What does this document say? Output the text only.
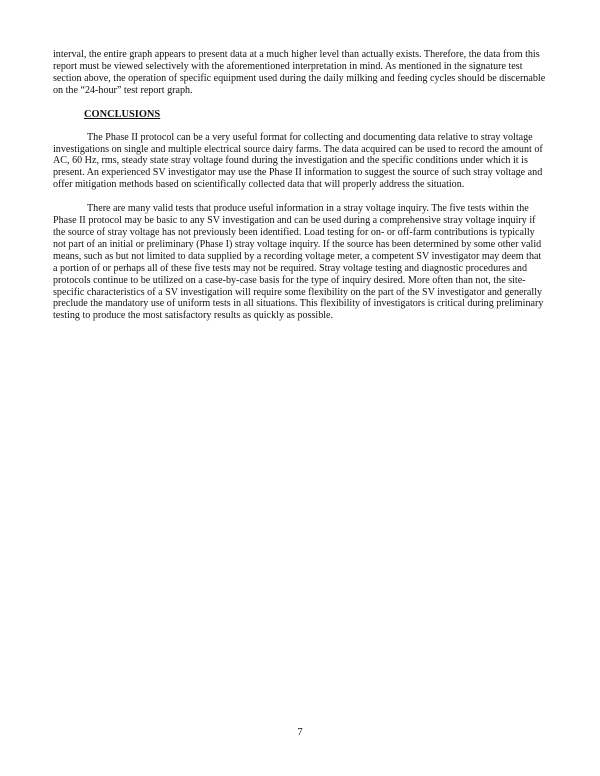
interval, the entire graph appears to present data at a much higher level than actually exists. Therefore, the data from this report must be viewed selectively with the aforementioned interpretation in mind. As mentioned in the signature test section above, the operation of specific equipment used during the daily milking and feeding cycles should be discernable on the “24-hour” test report graph.

CONCLUSIONS

The Phase II protocol can be a very useful format for collecting and documenting data relative to stray voltage investigations on single and multiple electrical source dairy farms. The data acquired can be used to record the amount of AC, 60 Hz, rms, steady state stray voltage found during the investigation and the specific conditions under which it is present. An experienced SV investigator may use the Phase II information to suggest the source of such stray voltage and offer mitigation methods based on scientifically collected data that will properly address the situation.

There are many valid tests that produce useful information in a stray voltage inquiry. The five tests within the Phase II protocol may be basic to any SV investigation and can be used during a comprehensive stray voltage inquiry if the source of stray voltage has not previously been identified. Load testing for on- or off-farm contributions is typically not part of an initial or preliminary (Phase I) stray voltage inquiry. If the source has been determined by some other valid means, such as but not limited to data supplied by a recording voltage meter, a competent SV investigator may deem that a portion of or perhaps all of these five tests may not be required. Stray voltage testing and diagnostic procedures and protocols continue to be utilized on a case-by-case basis for the type of inquiry desired. More often than not, the site-specific characteristics of a SV investigation will require some flexibility on the part of the SV investigator and generally preclude the mandatory use of uniform tests in all situations. This flexibility of investigators is critical during preliminary testing to produce the most satisfactory results as quickly as possible.

7
